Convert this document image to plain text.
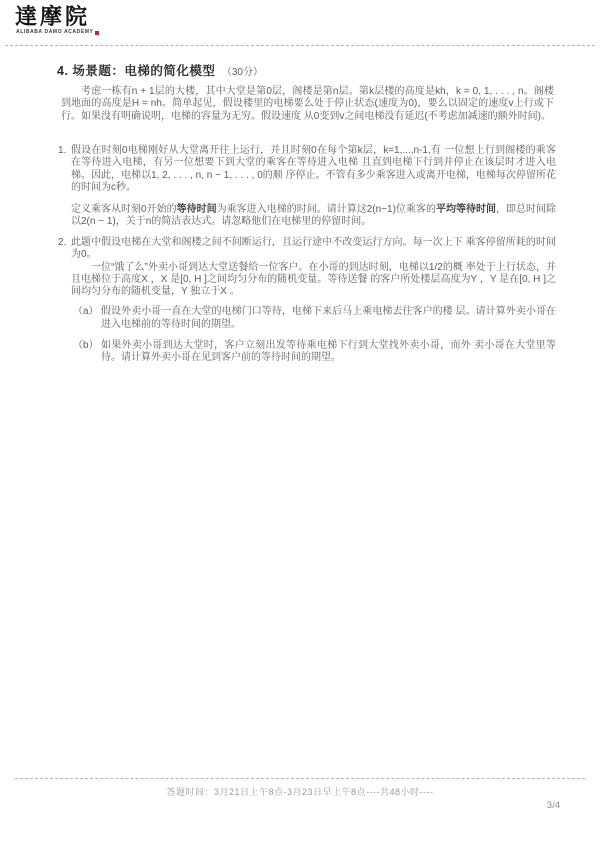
達摩院
ALIBABA DAMO ACADEMY
4. 场景题：电梯的简化模型 （30分）
考虑一栋有n + 1层的大楼，其中大堂是第0层，阁楼是第n层。第k层楼的高度是kh，k = 0, 1, . . . , n。阁楼到地面的高度是H = nh。简单起见，假设楼里的电梯要么处于停止状态(速度为0)，要么以固定的速度v上行或下行。如果没有明确说明，电梯的容量为无穷。假设速度 从0变到v之间电梯没有延迟(不考虑加减速的额外时间)。
1. 假设在时刻0电梯刚好从大堂离开往上运行，并且时刻0在每个第k层，k=1,...,n-1,有 一位想上行到阁楼的乘客在等待进入电梯，有另一位想要下到大堂的乘客在等待进入电梯 且直到电梯下行到并停止在该层时才进入电梯。因此，电梯以1, 2, . . . , n, n − 1, . . . , 0的顺 序停止。不管有多少乘客进入或离开电梯，电梯每次停留所花的时间为c秒。

定义乘客从时刻0开始的等待时间为乘客进入电梯的时间。请计算这2(n−1)位乘客的平均等待时间，即总时间除以2(n − 1)，关于n的简洁表达式。请忽略他们在电梯里的停留时间。

2. 此题中假设电梯在大堂和阁楼之间不间断运行，且运行途中不改变运行方向。每一次上下 乘客停留所耗的时间为0。

一位“饿了么”外卖小哥到达大堂送餐给一位客户。在小哥的到达时刻，电梯以1/2的概 率处于上行状态，并且电梯位于高度X ，X 是[0, H ]之间均匀分布的随机变量。等待送餐 的客户所处楼层高度为Y ，Y 是在[0, H ]之间均匀分布的随机变量，Y 独立于X 。

（a） 假设外卖小哥一直在大堂的电梯门口等待，电梯下来后马上乘电梯去往客户的楼 层。请计算外卖小哥在进入电梯前的等待时间的期望。
（b） 如果外卖小哥到达大堂时，客户立刻出发等待乘电梯下行到大堂找外卖小哥，而外 卖小哥在大堂里等待。请计算外卖小哥在见到客户前的等待时间的期望。
答题时间：3月21日上午8点-3月23日早上午8点----共48小时----
3/4
